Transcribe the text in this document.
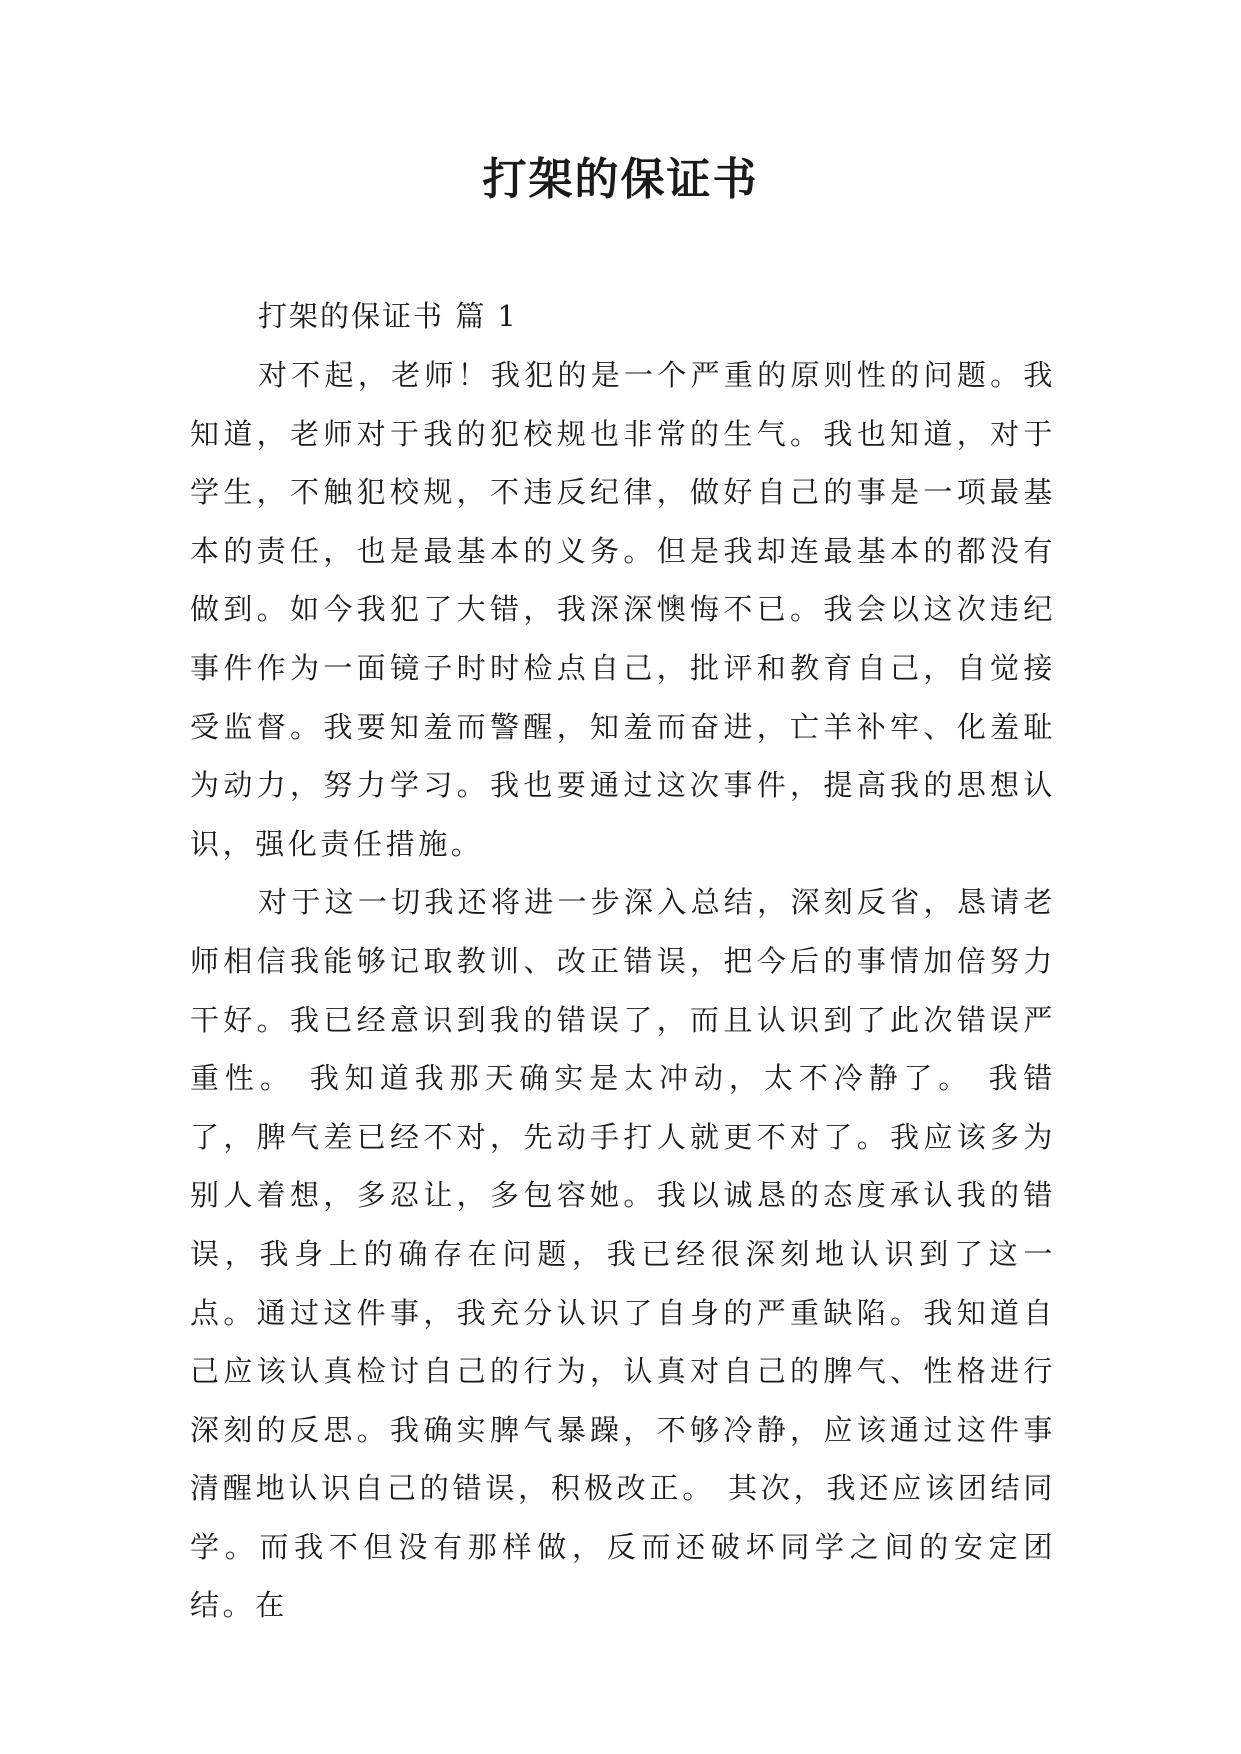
打架的保证书
打架的保证书 篇 1

对不起，老师！我犯的是一个严重的原则性的问题。我知道，老师对于我的犯校规也非常的生气。我也知道，对于学生，不触犯校规，不违反纪律，做好自己的事是一项最基本的责任，也是最基本的义务。但是我却连最基本的都没有做到。如今我犯了大错，我深深懊悔不已。我会以这次违纪事件作为一面镜子时时检点自己，批评和教育自己，自觉接受监督。我要知羞而警醒，知羞而奋进，亡羊补牢、化羞耻为动力，努力学习。我也要通过这次事件，提高我的思想认识，强化责任措施。

对于这一切我还将进一步深入总结，深刻反省，恳请老师相信我能够记取教训、改正错误，把今后的事情加倍努力干好。我已经意识到我的错误了，而且认识到了此次错误严重性。 我知道我那天确实是太冲动，太不冷静了。 我错了，脾气差已经不对，先动手打人就更不对了。我应该多为别人着想，多忍让，多包容她。我以诚恳的态度承认我的错误，我身上的确存在问题，我已经很深刻地认识到了这一点。通过这件事，我充分认识了自身的严重缺陷。我知道自己应该认真检讨自己的行为，认真对自己的脾气、性格进行深刻的反思。我确实脾气暴躁，不够冷静，应该通过这件事清醒地认识自己的错误，积极改正。 其次，我还应该团结同学。而我不但没有那样做，反而还破坏同学之间的安定团结。在
